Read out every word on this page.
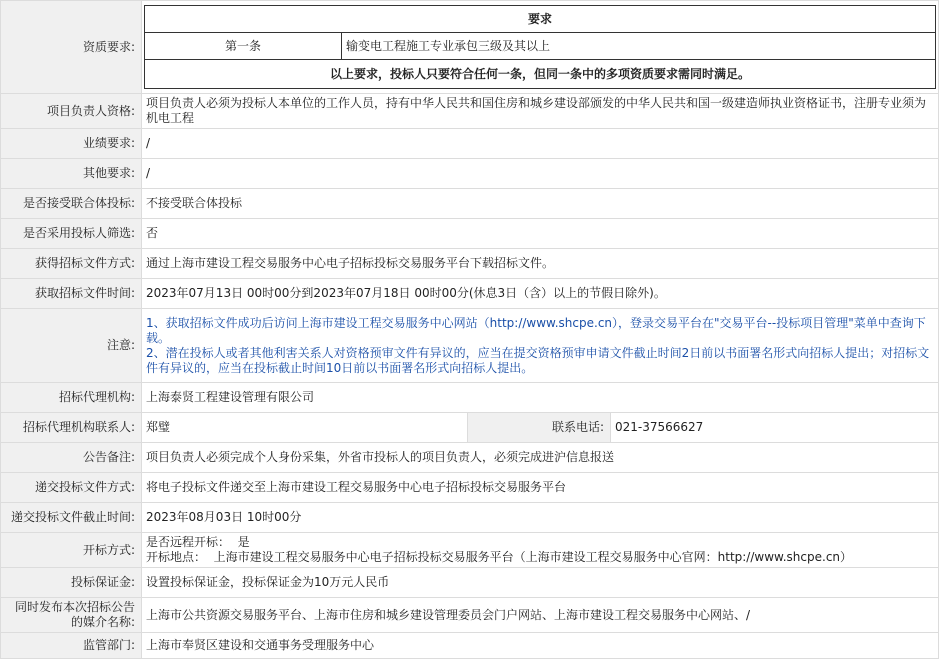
资质要求:	
要求
第一条	输变电工程施工专业承包三级及其以上
以上要求，投标人只要符合任何一条，但同一条中的多项资质要求需同时满足。

项目负责人资格:	项目负责人必须为投标人本单位的工作人员，持有中华人民共和国住房和城乡建设部颁发的中华人民共和国一级建造师执业资格证书，注册专业须为机电工程
业绩要求:	/
其他要求:	/
是否接受联合体投标:	不接受联合体投标
是否采用投标人筛选:	否
获得招标文件方式:	通过上海市建设工程交易服务中心电子招标投标交易服务平台下载招标文件。
获取招标文件时间:	2023年07月13日 00时00分到2023年07月18日 00时00分(休息3日（含）以上的节假日除外)。
注意:	
1、获取招标文件成功后访问上海市建设工程交易服务中心网站（http://www.shcpe.cn），登录交易平台在"交易平台--投标项目管理"菜单中查询下载。
2、潜在投标人或者其他利害关系人对资格预审文件有异议的，应当在提交资格预审申请文件截止时间2日前以书面署名形式向招标人提出；对招标文件有异议的，应当在投标截止时间10日前以书面署名形式向招标人提出。

招标代理机构:	上海泰贤工程建设管理有限公司
招标代理机构联系人:	郑璧	联系电话:	021-37566627
公告备注:	项目负责人必须完成个人身份采集，外省市投标人的项目负责人，必须完成进沪信息报送
递交投标文件方式:	将电子投标文件递交至上海市建设工程交易服务中心电子招标投标交易服务平台
递交投标文件截止时间:	2023年08月03日 10时00分
开标方式:	
是否远程开标：  是
开标地点：  上海市建设工程交易服务中心电子招标投标交易服务平台（上海市建设工程交易服务中心官网：http://www.shcpe.cn）

投标保证金:	设置投标保证金，投标保证金为10万元人民币
同时发布本次招标公告的媒介名称:	上海市公共资源交易服务平台、上海市住房和城乡建设管理委员会门户网站、上海市建设工程交易服务中心网站、/
监管部门:	上海市奉贤区建设和交通事务受理服务中心
